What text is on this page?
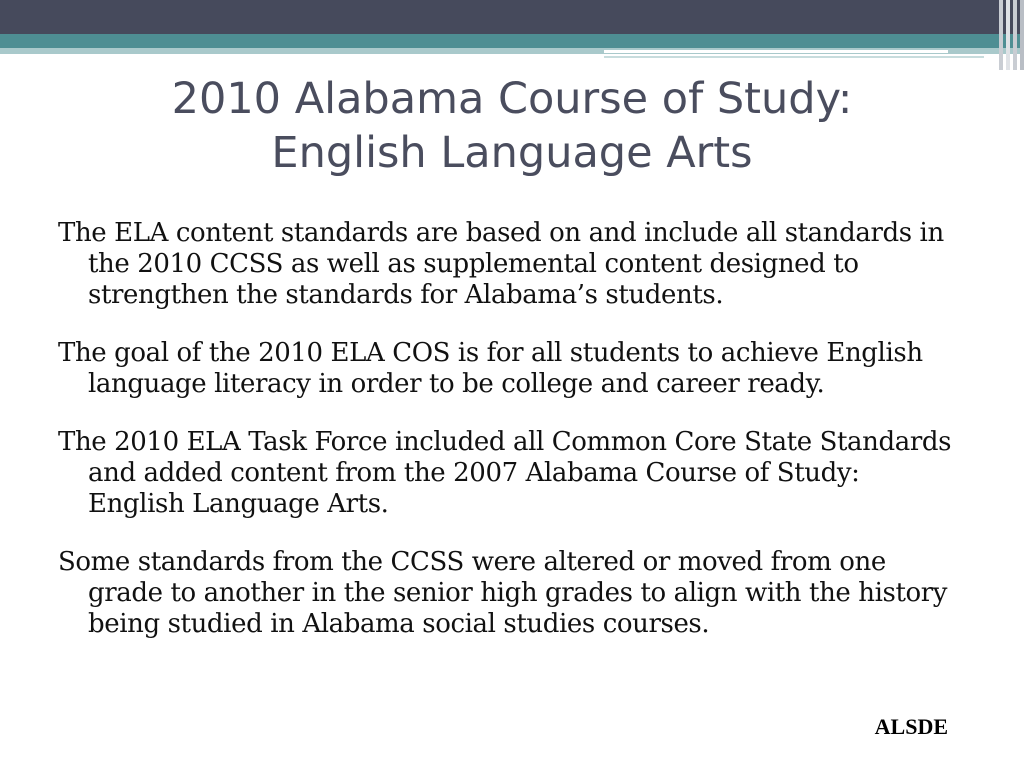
2010 Alabama Course of Study:
English Language Arts

The ELA content standards are based on and include all standards in the 2010 CCSS as well as supplemental content designed to strengthen the standards for Alabama’s students.

The goal of the 2010 ELA COS is for all students to achieve English language literacy in order to be college and career ready.

The 2010 ELA Task Force included all Common Core State Standards and added content from the 2007 Alabama Course of Study: English Language Arts.

Some standards from the CCSS were altered or moved from one grade to another in the senior high grades to align with the history being studied in Alabama social studies courses.

ALSDE
